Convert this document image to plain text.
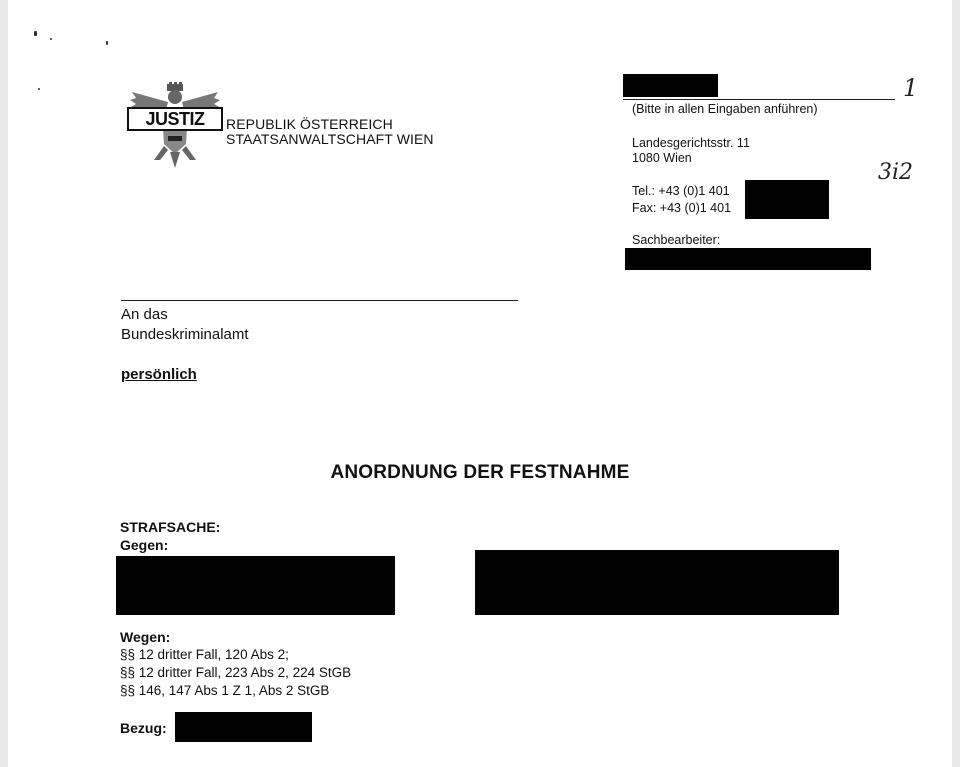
JUSTIZ REPUBLIK ÖSTERREICH
STAATSANWALTSCHAFT WIEN
1
(Bitte in allen Eingaben anführen)
Landesgerichtsstr. 11
1080 Wien
Tel.: +43 (0)1 401
Fax: +43 (0)1 401
3i2
Sachbearbeiter:
An das
Bundeskriminalamt
persönlich
ANORDNUNG DER FESTNAHME
STRAFSACHE:
Gegen:
Wegen:
§§ 12 dritter Fall, 120 Abs 2;
§§ 12 dritter Fall, 223 Abs 2, 224 StGB
§§ 146, 147 Abs 1 Z 1, Abs 2 StGB
Bezug:
